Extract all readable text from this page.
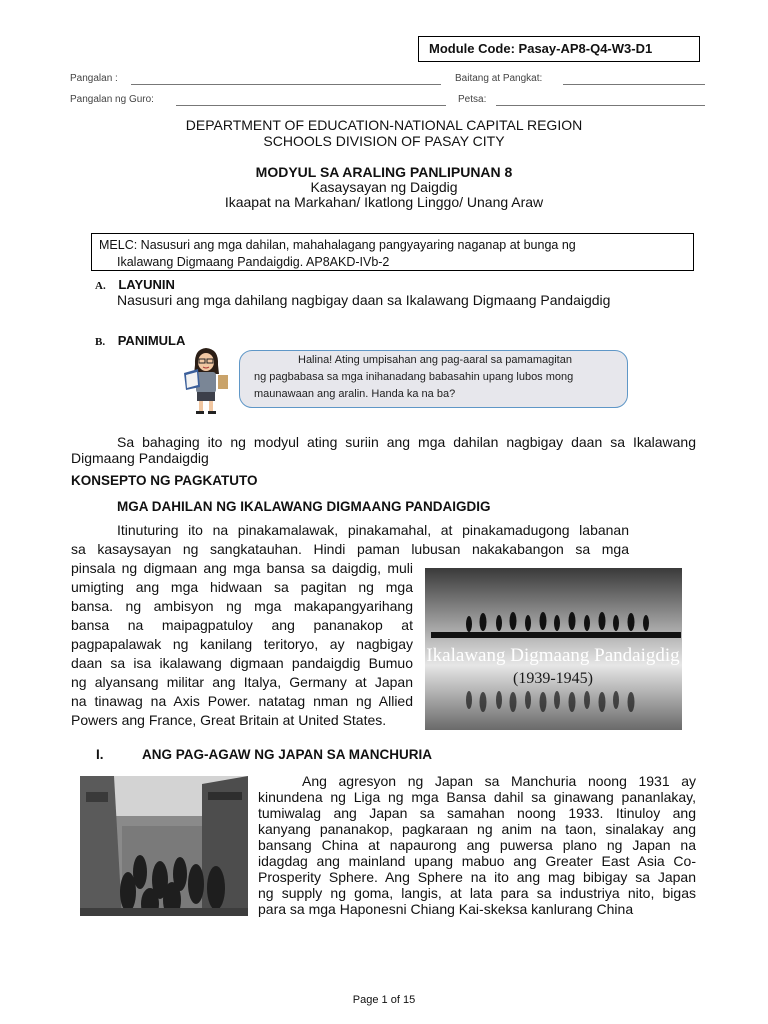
Module Code: Pasay-AP8-Q4-W3-D1
Pangalan :	Baitang at Pangkat:
Pangalan ng Guro:	Petsa:
DEPARTMENT OF EDUCATION-NATIONAL CAPITAL REGION
SCHOOLS DIVISION OF PASAY CITY
MODYUL SA ARALING PANLIPUNAN 8
Kasaysayan ng Daigdig
Ikaapat na Markahan/ Ikatlong Linggo/ Unang Araw
MELC: Nasusuri ang mga dahilan, mahahalagang pangyayaring naganap at bunga ng
Ikalawang Digmaang Pandaigdig. AP8AKD-IVb-2
A. LAYUNIN
Nasusuri ang mga dahilang nagbigay daan sa Ikalawang Digmaang Pandaigdig
B. PANIMULA
Halina! Ating umpisahan ang pag-aaral sa pamamagitan
ng pagbabasa sa mga inihanadang babasahin upang lubos mong
maunawaan ang aralin. Handa ka na ba?
Sa bahaging ito ng modyul ating suriin ang mga dahilan nagbigay daan sa Ikalawang
Digmaang Pandaigdig
KONSEPTO NG PAGKATUTO
MGA DAHILAN NG IKALAWANG DIGMAANG PANDAIGDIG
Itinuturing ito na pinakamalawak, pinakamahal, at pinakamadugong labanan
sa kasaysayan ng sangkatauhan. Hindi paman lubusan nakakabangon sa mga
pinsala ng digmaan ang mga bansa sa daigdig, muli
umigting ang mga hidwaan sa pagitan ng mga
bansa. ng ambisyon ng mga makapangyarihang
bansa na maipagpatuloy ang pananakop at
pagpapalawak ng kanilang teritoryo, ay nagbigay
daan sa isa ikalawang digmaan pandaigdig Bumuo
ng alyansang militar ang Italya, Germany at Japan
na tinawag na Axis Power. natatag nman ng Allied
Powers ang France, Great Britain at United States.
Ikalawang Digmaang Pandaigdig
(1939-1945)
I.	ANG PAG-AGAW NG JAPAN SA MANCHURIA
Ang agresyon ng Japan sa Manchuria noong 1931 ay
kinundena ng Liga ng mga Bansa dahil sa ginawang pananlakay,
tumiwalag ang Japan sa samahan noong 1933. Itinuloy ang
kanyang pananakop, pagkaraan ng anim na taon, sinalakay ang
bansang China at napaurong ang puwersa plano ng Japan na
idagdag ang mainland upang mabuo ang Greater East Asia Co-
Prosperity Sphere. Ang Sphere na ito ang mag bibigay sa Japan
ng supply ng goma, langis, at lata para sa industriya nito, bigas
para sa mga Haponesni Chiang Kai-skeksa kanlurang China
Page 1 of 15
